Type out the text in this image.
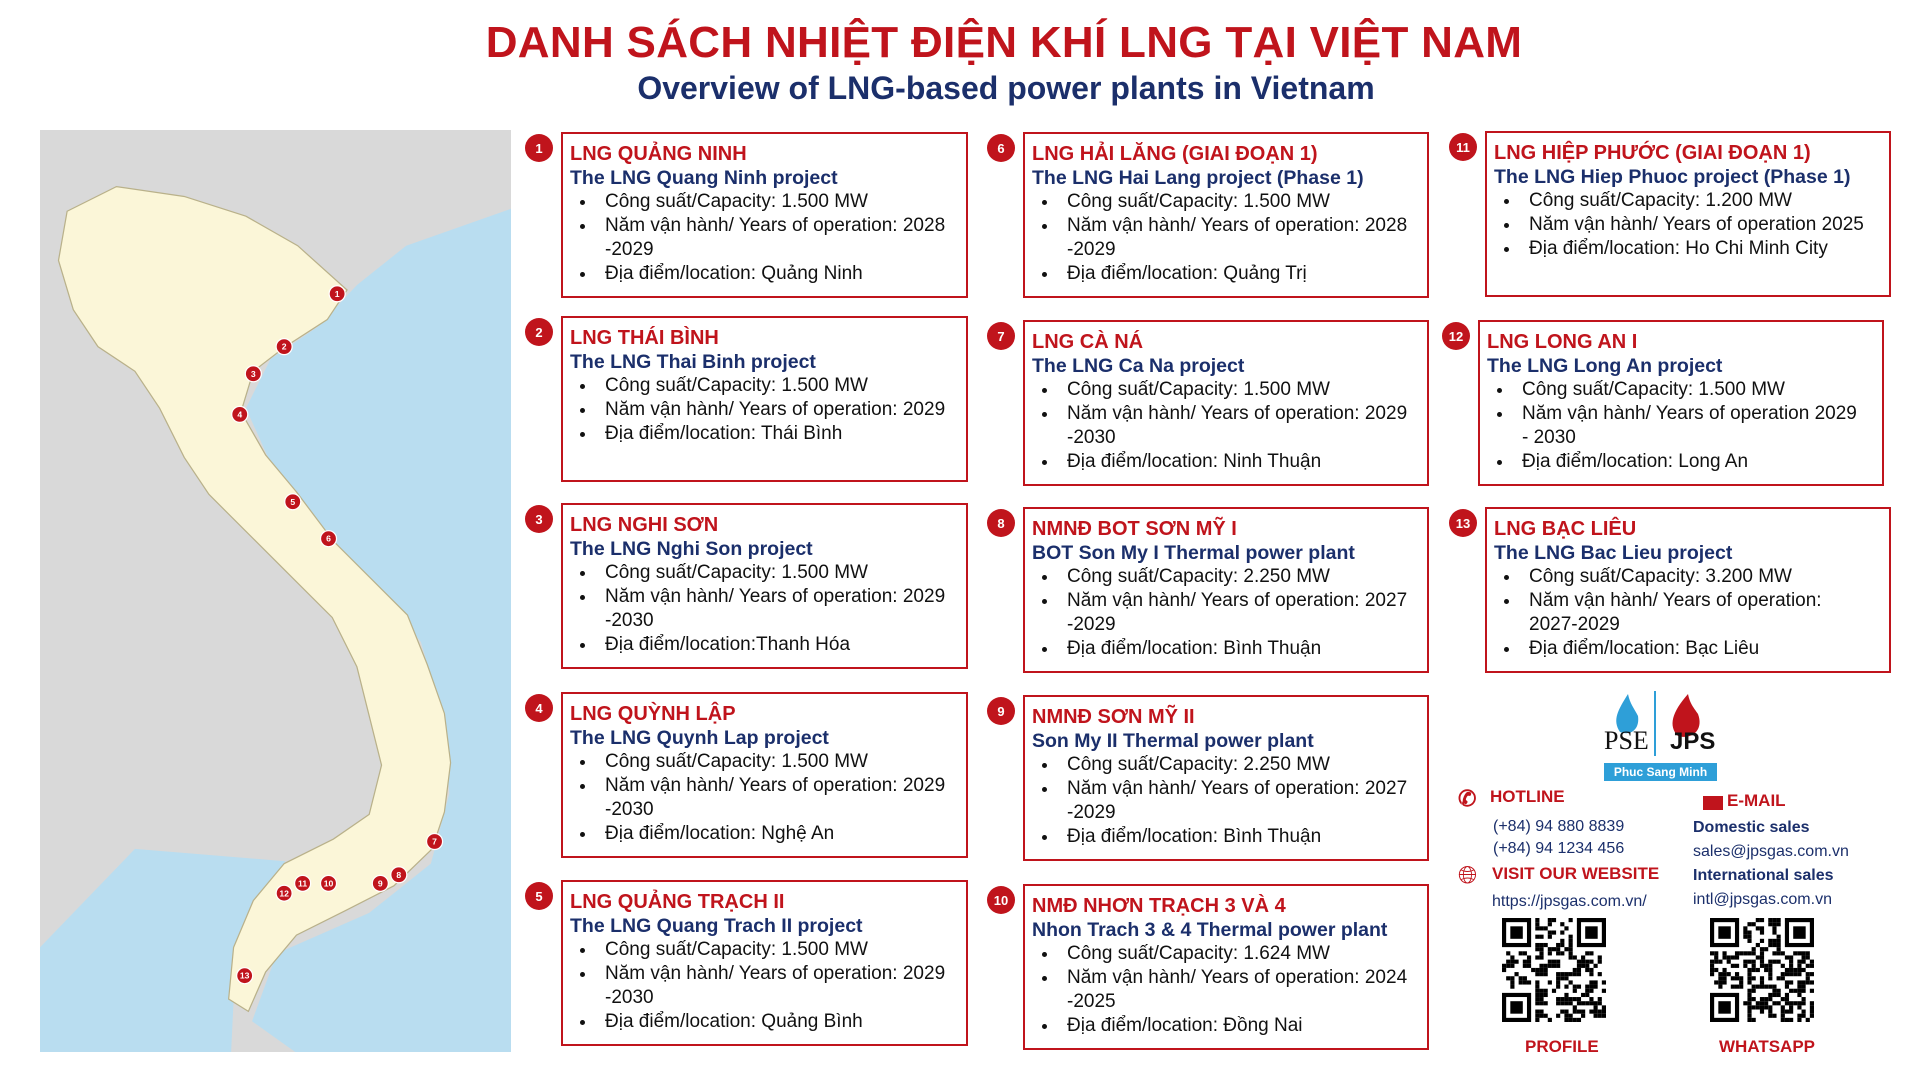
DANH SÁCH NHIỆT ĐIỆN KHÍ LNG TẠI VIỆT NAM
Overview of LNG-based power plants in Vietnam
1
2
3
4
5
6
7
8
9
10
11
12
13
1	LNG QUẢNG NINH
The LNG Quang Ninh project
Công suất/Capacity: 1.500 MW
Năm vận hành/ Years of operation: 2028 -2029
Địa điểm/location: Quảng Ninh
2	LNG THÁI BÌNH
The LNG Thai Binh project
Công suất/Capacity: 1.500 MW
Năm vận hành/ Years of operation: 2029
Địa điểm/location: Thái Bình
3	LNG NGHI SƠN
The LNG Nghi Son project
Công suất/Capacity: 1.500 MW
Năm vận hành/ Years of operation: 2029 -2030
Địa điểm/location:Thanh Hóa
4	LNG QUỲNH LẬP
The LNG Quynh Lap project
Công suất/Capacity: 1.500 MW
Năm vận hành/ Years of operation: 2029 -2030
Địa điểm/location: Nghệ An
5	LNG QUẢNG TRẠCH II
The LNG Quang Trach II project
Công suất/Capacity: 1.500 MW
Năm vận hành/ Years of operation: 2029 -2030
Địa điểm/location: Quảng Bình
6	LNG HẢI LĂNG (GIAI ĐOẠN 1)
The LNG Hai Lang project (Phase 1)
Công suất/Capacity: 1.500 MW
Năm vận hành/ Years of operation: 2028 -2029
Địa điểm/location: Quảng Trị
7	LNG CÀ NÁ
The LNG Ca Na project
Công suất/Capacity: 1.500 MW
Năm vận hành/ Years of operation: 2029 -2030
Địa điểm/location: Ninh Thuận
8	NMNĐ BOT SƠN MỸ I
BOT Son My I Thermal power plant
Công suất/Capacity: 2.250 MW
Năm vận hành/ Years of operation: 2027 -2029
Địa điểm/location: Bình Thuận
9	NMNĐ SƠN MỸ II
Son My II Thermal power plant
Công suất/Capacity: 2.250 MW
Năm vận hành/ Years of operation: 2027 -2029
Địa điểm/location: Bình Thuận
10	NMĐ NHƠN TRẠCH 3 VÀ 4
Nhon Trach 3 & 4 Thermal power plant
Công suất/Capacity: 1.624 MW
Năm vận hành/ Years of operation: 2024 -2025
Địa điểm/location: Đồng Nai
11	LNG HIỆP PHƯỚC (GIAI ĐOẠN 1)
The LNG Hiep Phuoc project (Phase 1)
Công suất/Capacity: 1.200 MW
Năm vận hành/ Years of operation 2025
Địa điểm/location: Ho Chi Minh City
12	LNG LONG AN I
The LNG Long An project
Công suất/Capacity: 1.500 MW
Năm vận hành/ Years of operation 2029 - 2030
Địa điểm/location: Long An
13	LNG BẠC LIÊU
The LNG Bac Lieu project
Công suất/Capacity: 3.200 MW
Năm vận hành/ Years of operation: 2027-2029
Địa điểm/location: Bạc Liêu
PSE JPS
Phuc Sang Minh
✆ HOTLINE
(+84) 94 880 8839
(+84) 94 1234 456
🌐︎ VISIT OUR WEBSITE
https://jpsgas.com.vn/
E-MAIL
Domestic sales
sales@jpsgas.com.vn
International sales
intl@jpsgas.com.vn
PROFILE	WHATSAPP
